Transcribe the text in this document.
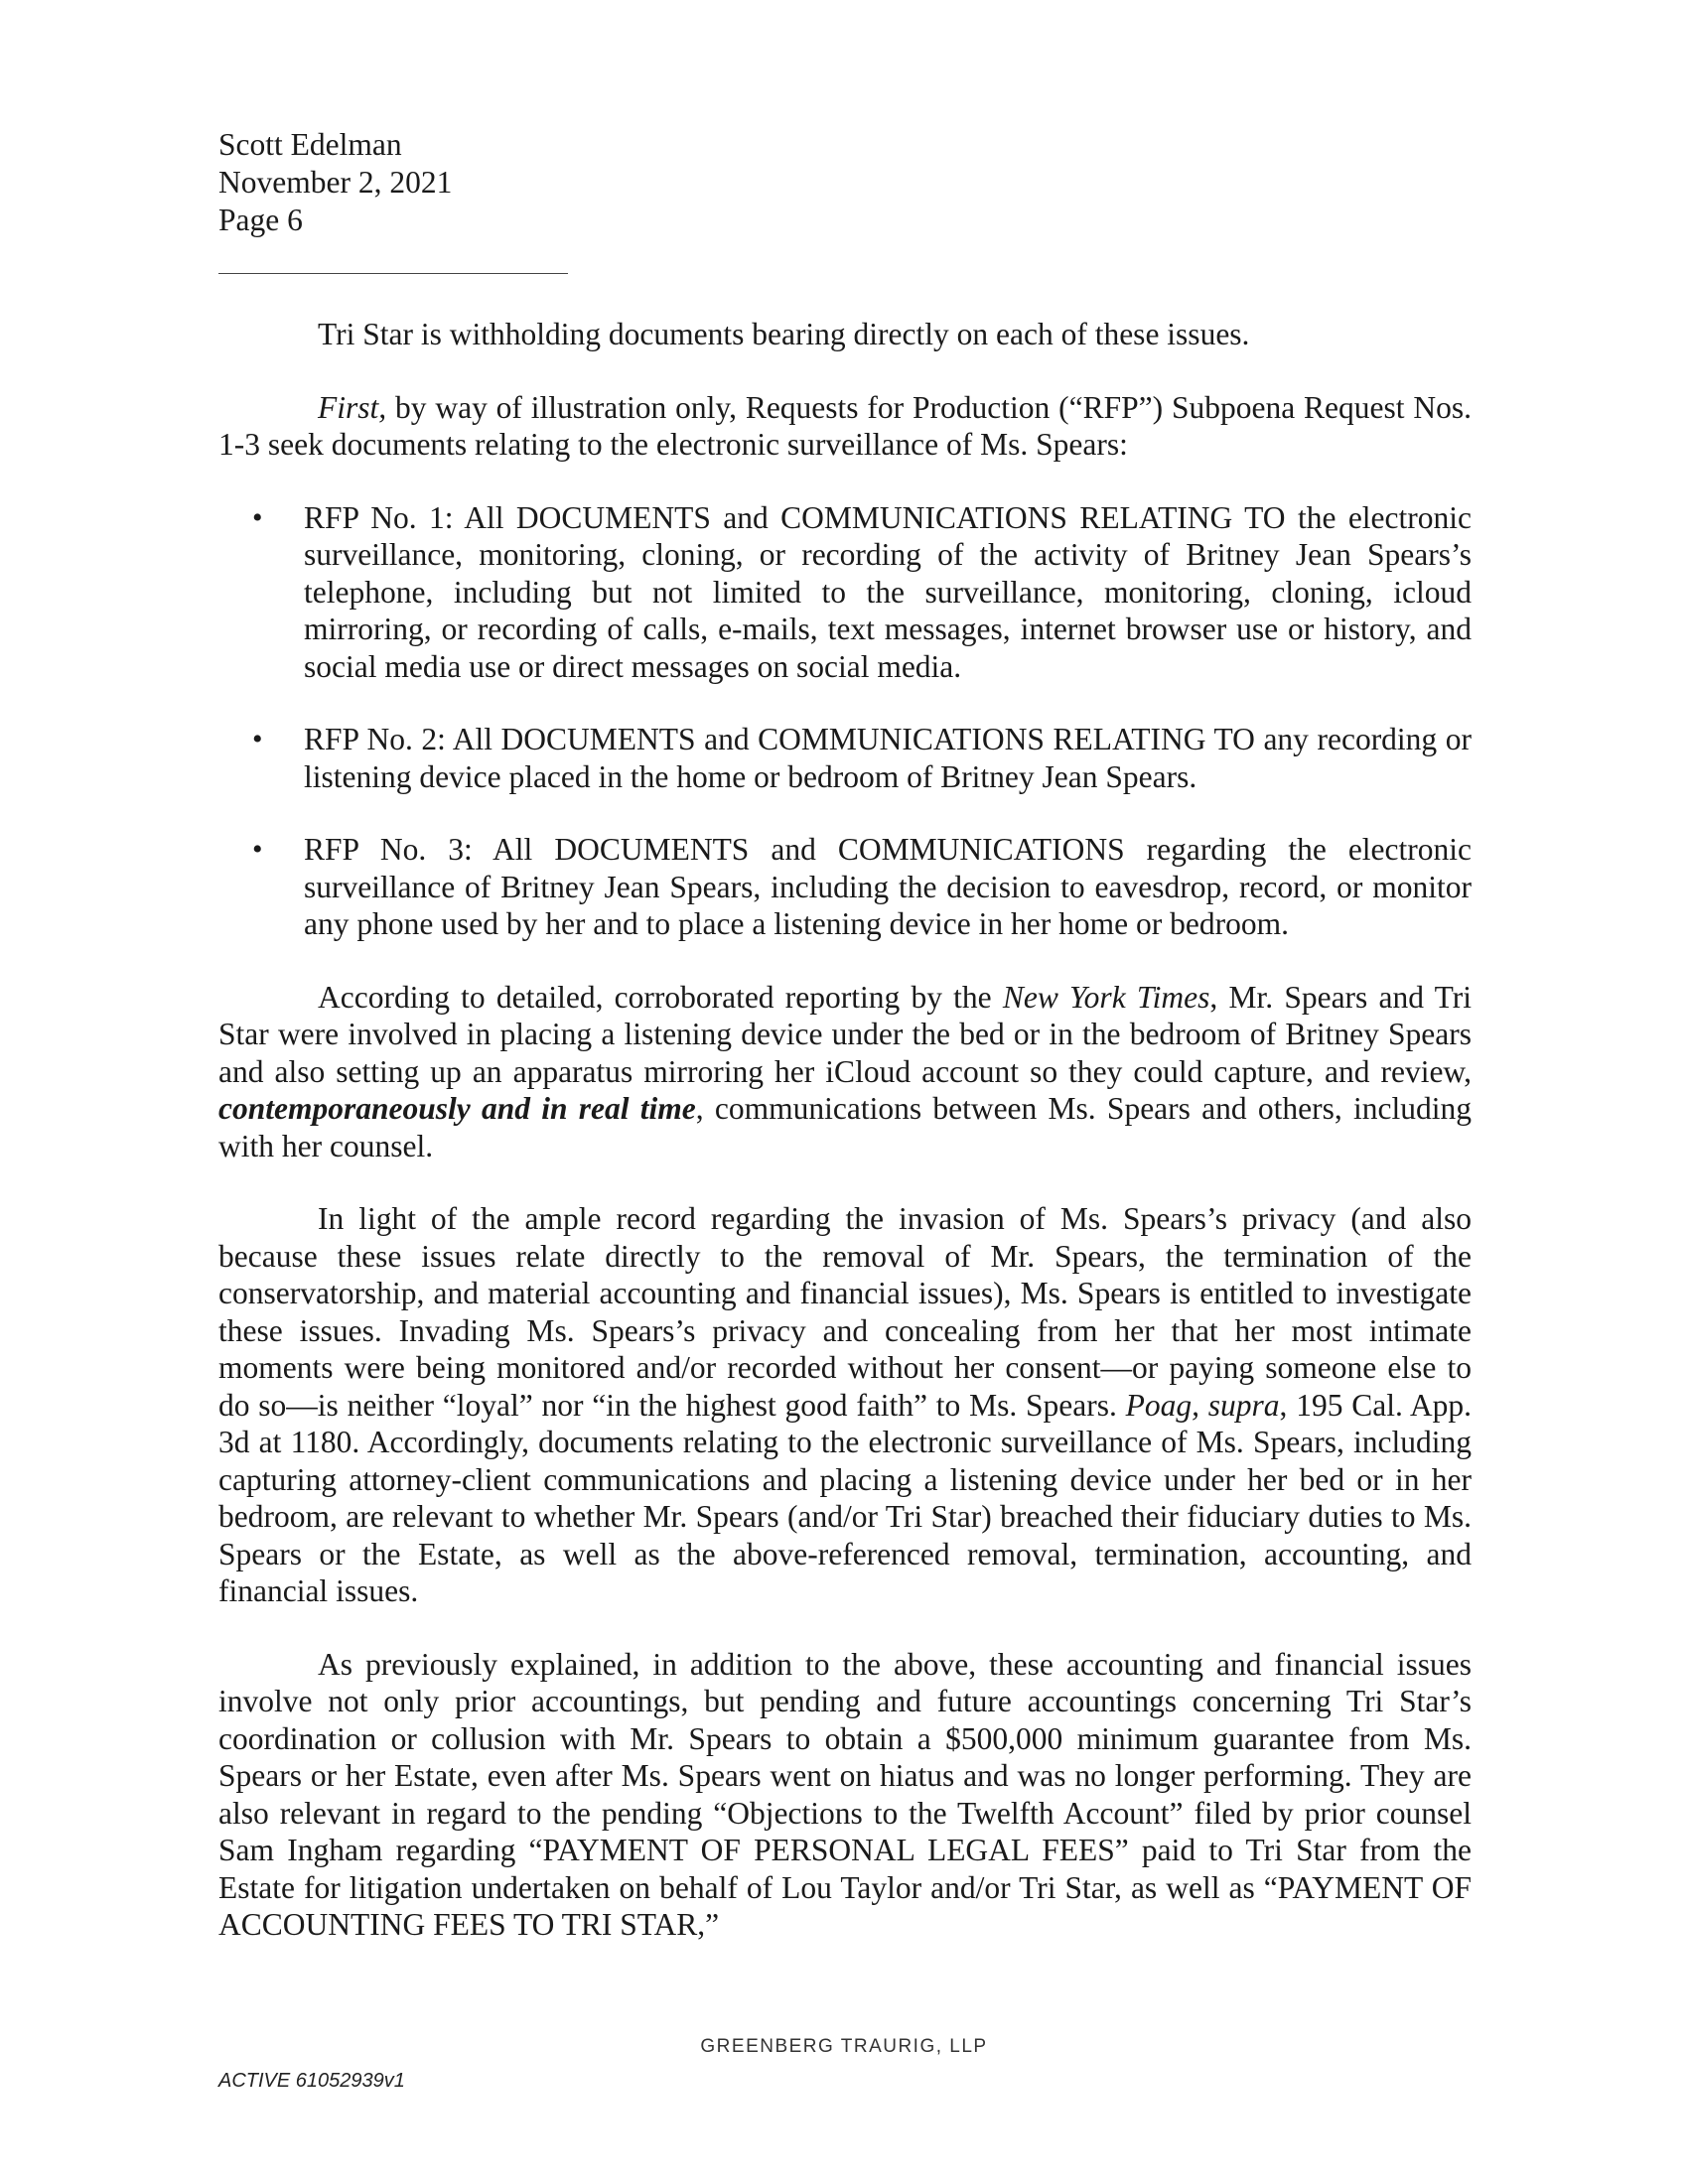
Scott Edelman
November 2, 2021
Page 6

Tri Star is withholding documents bearing directly on each of these issues.

First, by way of illustration only, Requests for Production (“RFP”) Subpoena Request Nos. 1-3 seek documents relating to the electronic surveillance of Ms. Spears:

• RFP No. 1: All DOCUMENTS and COMMUNICATIONS RELATING TO the electronic surveillance, monitoring, cloning, or recording of the activity of Britney Jean Spears’s telephone, including but not limited to the surveillance, monitoring, cloning, icloud mirroring, or recording of calls, e-mails, text messages, internet browser use or history, and social media use or direct messages on social media.
• RFP No. 2: All DOCUMENTS and COMMUNICATIONS RELATING TO any recording or listening device placed in the home or bedroom of Britney Jean Spears.
• RFP No. 3: All DOCUMENTS and COMMUNICATIONS regarding the electronic surveillance of Britney Jean Spears, including the decision to eavesdrop, record, or monitor any phone used by her and to place a listening device in her home or bedroom.

According to detailed, corroborated reporting by the New York Times, Mr. Spears and Tri Star were involved in placing a listening device under the bed or in the bedroom of Britney Spears and also setting up an apparatus mirroring her iCloud account so they could capture, and review, contemporaneously and in real time, communications between Ms. Spears and others, including with her counsel.

In light of the ample record regarding the invasion of Ms. Spears’s privacy (and also because these issues relate directly to the removal of Mr. Spears, the termination of the conservatorship, and material accounting and financial issues), Ms. Spears is entitled to investigate these issues. Invading Ms. Spears’s privacy and concealing from her that her most intimate moments were being monitored and/or recorded without her consent—or paying someone else to do so—is neither “loyal” nor “in the highest good faith” to Ms. Spears. Poag, supra, 195 Cal. App. 3d at 1180. Accordingly, documents relating to the electronic surveillance of Ms. Spears, including capturing attorney-client communications and placing a listening device under her bed or in her bedroom, are relevant to whether Mr. Spears (and/or Tri Star) breached their fiduciary duties to Ms. Spears or the Estate, as well as the above-referenced removal, termination, accounting, and financial issues.

As previously explained, in addition to the above, these accounting and financial issues involve not only prior accountings, but pending and future accountings concerning Tri Star’s coordination or collusion with Mr. Spears to obtain a $500,000 minimum guarantee from Ms. Spears or her Estate, even after Ms. Spears went on hiatus and was no longer performing. They are also relevant in regard to the pending “Objections to the Twelfth Account” filed by prior counsel Sam Ingham regarding “PAYMENT OF PERSONAL LEGAL FEES” paid to Tri Star from the Estate for litigation undertaken on behalf of Lou Taylor and/or Tri Star, as well as “PAYMENT OF ACCOUNTING FEES TO TRI STAR,”

GREENBERG TRAURIG, LLP
ACTIVE 61052939v1
